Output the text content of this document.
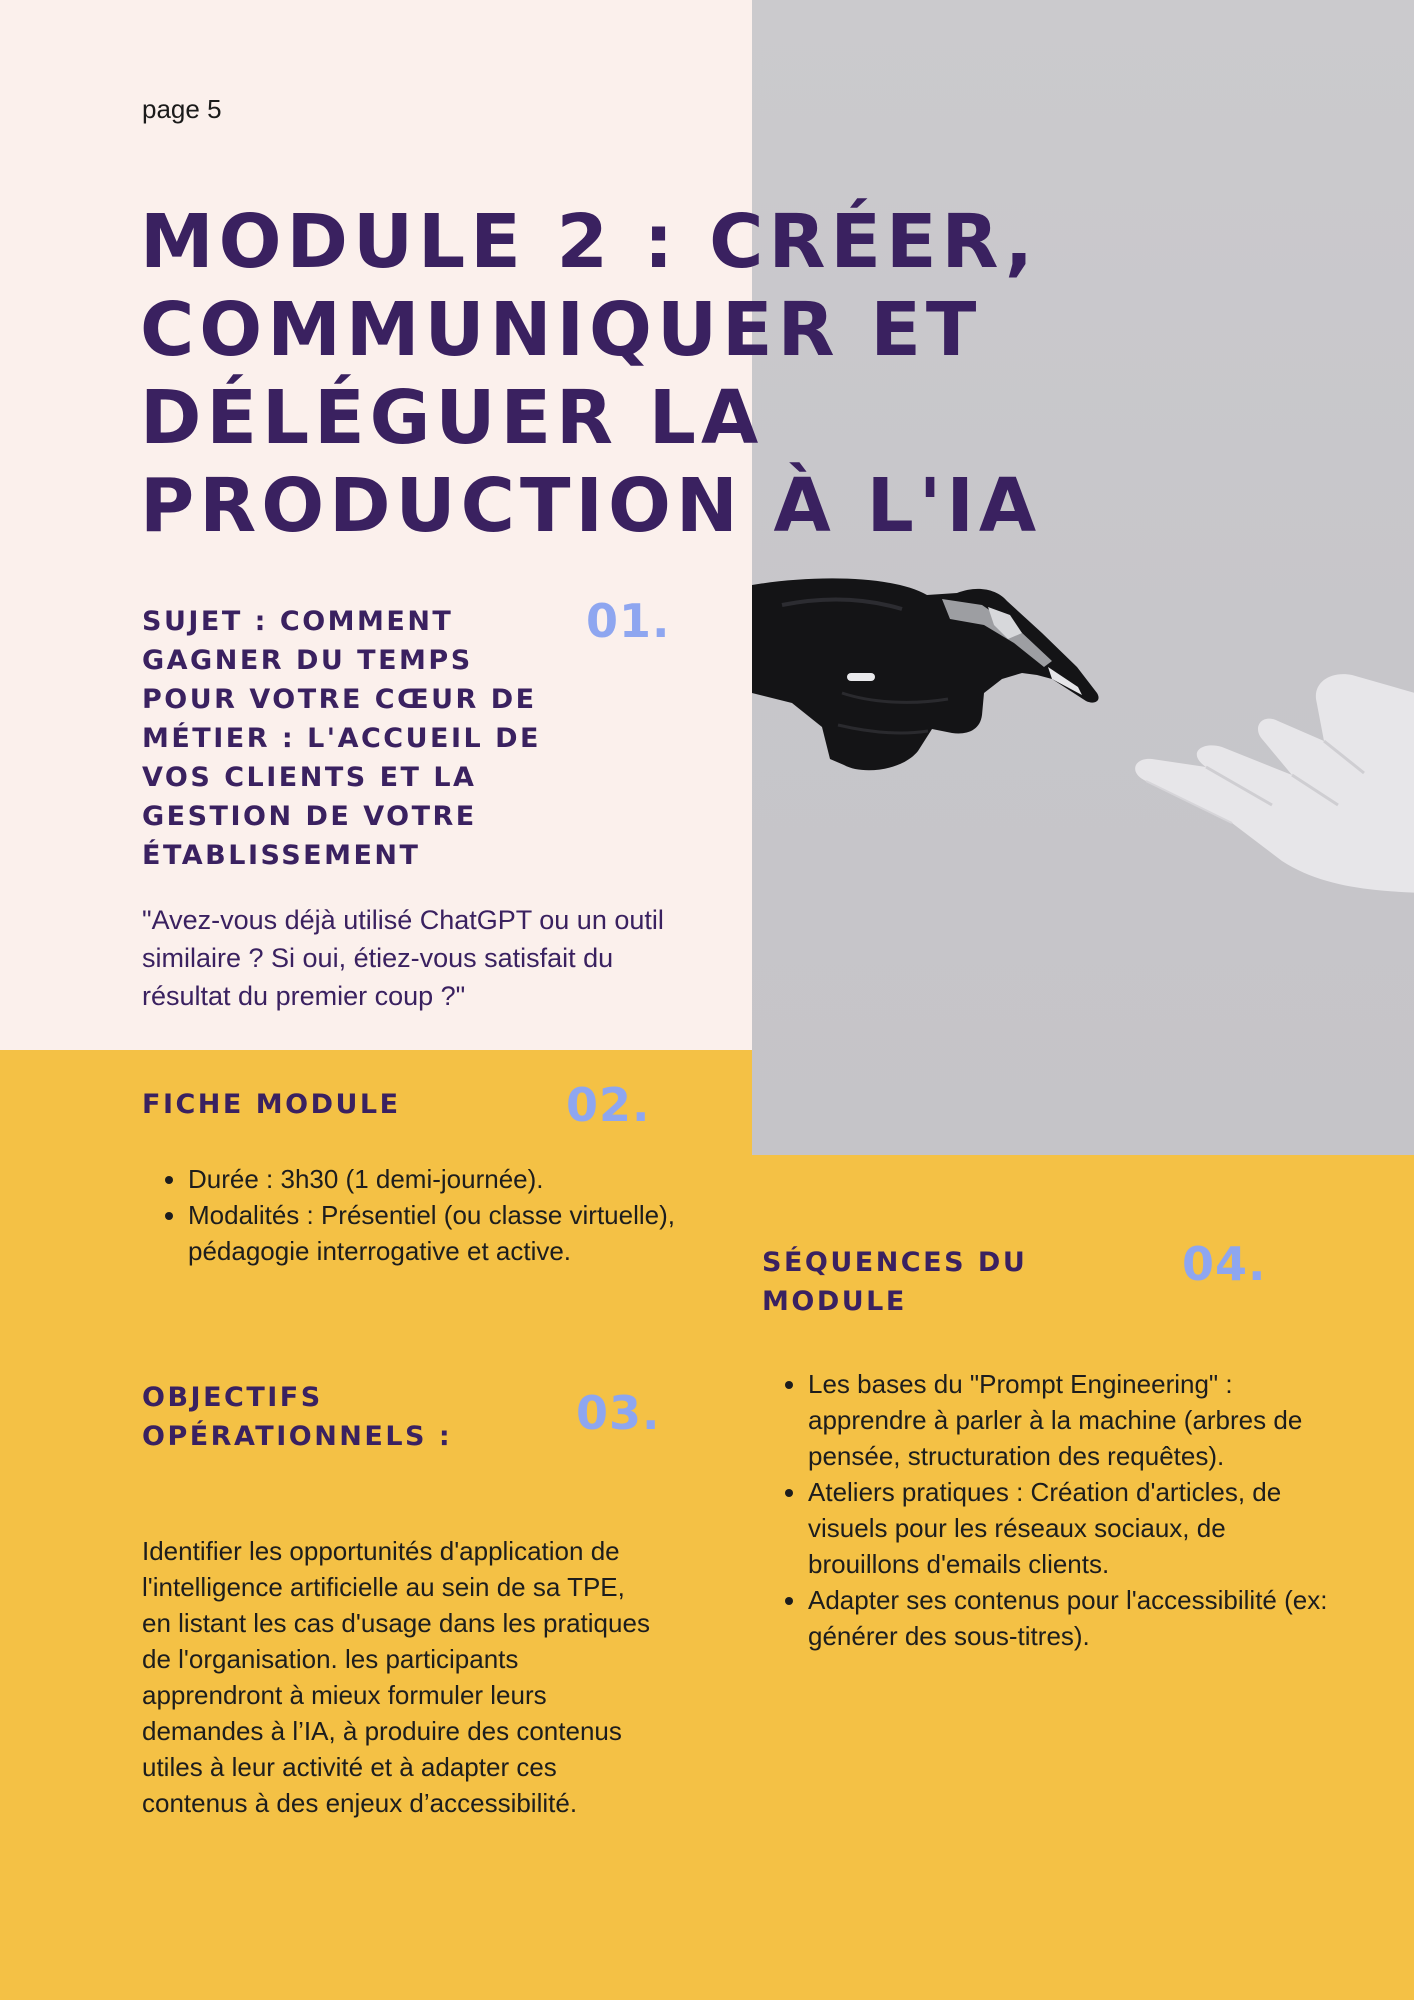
page 5

MODULE 2 : CRÉER, COMMUNIQUER ET DÉLÉGUER LA PRODUCTION À L'IA
SUJET : COMMENT GAGNER DU TEMPS POUR VOTRE CŒUR DE MÉTIER : L'ACCUEIL DE VOS CLIENTS ET LA GESTION DE VOTRE ÉTABLISSEMENT

01.

"Avez-vous déjà utilisé ChatGPT ou un outil similaire ? Si oui, étiez-vous satisfait du résultat du premier coup ?"

FICHE MODULE	02.

• Durée : 3h30 (1 demi-journée).
• Modalités : Présentiel (ou classe virtuelle), pédagogie interrogative et active.
OBJECTIFS OPÉRATIONNELS :	03.

Identifier les opportunités d'application de l'intelligence artificielle au sein de sa TPE, en listant les cas d'usage dans les pratiques de l'organisation. les participants apprendront à mieux formuler leurs demandes à l’IA, à produire des contenus utiles à leur activité et à adapter ces contenus à des enjeux d’accessibilité.

SÉQUENCES DU MODULE

04.

• Les bases du "Prompt Engineering" : apprendre à parler à la machine (arbres de pensée, structuration des requêtes).
• Ateliers pratiques : Création d'articles, de visuels pour les réseaux sociaux, de brouillons d'emails clients.
• Adapter ses contenus pour l'accessibilité (ex: générer des sous-titres).
